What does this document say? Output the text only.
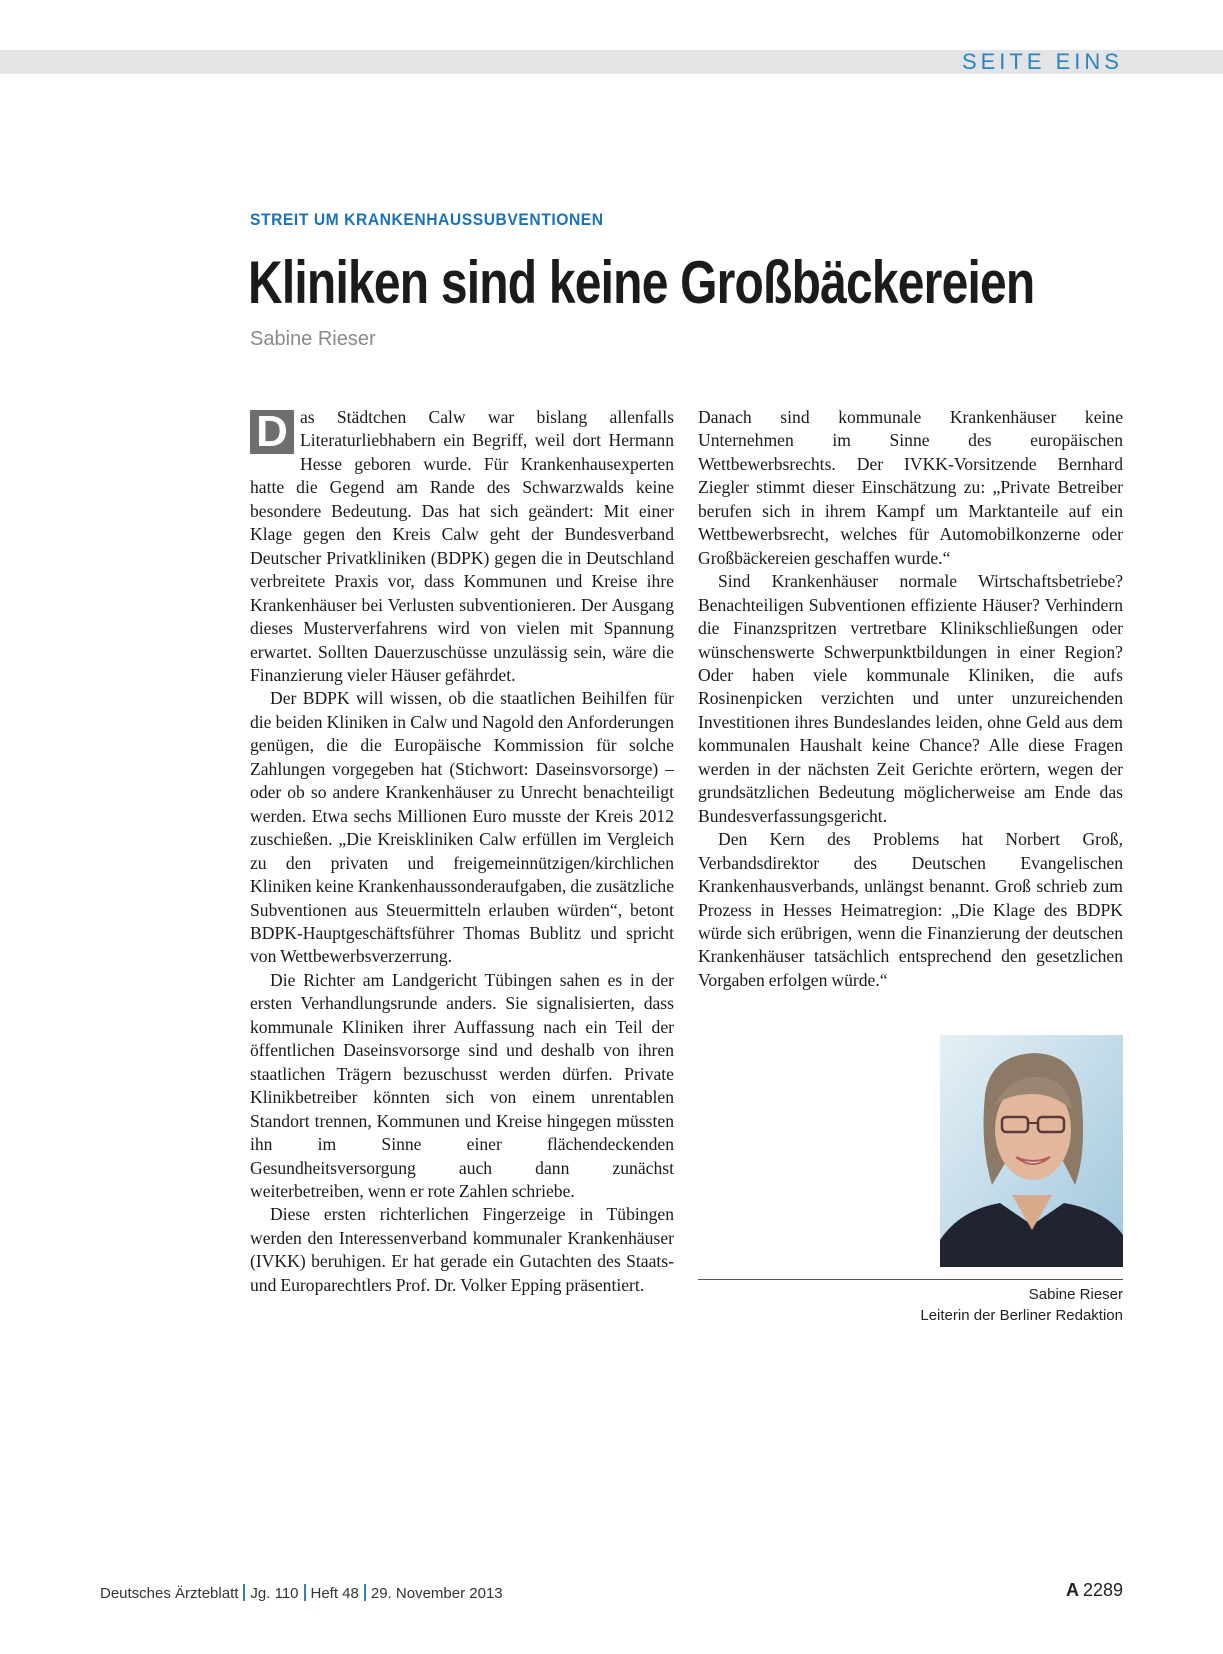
SEITE EINS
STREIT UM KRANKENHAUSSUBVENTIONEN
Kliniken sind keine Großbäckereien
Sabine Rieser

D as Städtchen Calw war bislang allenfalls Literaturliebhabern ein Begriff, weil dort Hermann Hesse geboren wurde. Für Krankenhausexperten hatte die Gegend am Rande des Schwarzwalds keine besondere Bedeutung. Das hat sich geändert: Mit einer Klage gegen den Kreis Calw geht der Bundesverband Deutscher Privatkliniken (BDPK) gegen die in Deutschland verbreitete Praxis vor, dass Kommunen und Kreise ihre Krankenhäuser bei Verlusten subventionieren. Der Ausgang dieses Musterverfahrens wird von vielen mit Spannung erwartet. Sollten Dauerzuschüsse unzulässig sein, wäre die Finanzierung vieler Häuser gefährdet.

Der BDPK will wissen, ob die staatlichen Beihilfen für die beiden Kliniken in Calw und Nagold den Anforderungen genügen, die die Europäische Kommission für solche Zahlungen vorgegeben hat (Stichwort: Daseinsvorsorge) – oder ob so andere Krankenhäuser zu Unrecht benachteiligt werden. Etwa sechs Millionen Euro musste der Kreis 2012 zuschießen. „Die Kreiskliniken Calw erfüllen im Vergleich zu den privaten und freigemeinnützigen/kirchlichen Kliniken keine Krankenhaussonderaufgaben, die zusätzliche Subventionen aus Steuermitteln erlauben würden“, betont BDPK-Hauptgeschäftsführer Thomas Bublitz und spricht von Wettbewerbsverzerrung.

Die Richter am Landgericht Tübingen sahen es in der ersten Verhandlungsrunde anders. Sie signalisierten, dass kommunale Kliniken ihrer Auffassung nach ein Teil der öffentlichen Daseinsvorsorge sind und deshalb von ihren staatlichen Trägern bezuschusst werden dürfen. Private Klinikbetreiber könnten sich von einem unrentablen Standort trennen, Kommunen und Kreise hingegen müssten ihn im Sinne einer flächendeckenden Gesundheitsversorgung auch dann zunächst weiterbetreiben, wenn er rote Zahlen schriebe.

Diese ersten richterlichen Fingerzeige in Tübingen werden den Interessenverband kommunaler Krankenhäuser (IVKK) beruhigen. Er hat gerade ein Gutachten des Staats- und Europarechtlers Prof. Dr. Volker Epping präsentiert.

Danach sind kommunale Krankenhäuser keine Unternehmen im Sinne des europäischen Wettbewerbsrechts. Der IVKK-Vorsitzende Bernhard Ziegler stimmt dieser Einschätzung zu: „Private Betreiber berufen sich in ihrem Kampf um Marktanteile auf ein Wettbewerbsrecht, welches für Automobilkonzerne oder Großbäckereien geschaffen wurde.“

Sind Krankenhäuser normale Wirtschaftsbetriebe? Benachteiligen Subventionen effiziente Häuser? Verhindern die Finanzspritzen vertretbare Klinikschließungen oder wünschenswerte Schwerpunktbildungen in einer Region? Oder haben viele kommunale Kliniken, die aufs Rosinenpicken verzichten und unter unzureichenden Investitionen ihres Bundeslandes leiden, ohne Geld aus dem kommunalen Haushalt keine Chance? Alle diese Fragen werden in der nächsten Zeit Gerichte erörtern, wegen der grundsätzlichen Bedeutung möglicherweise am Ende das Bundesverfassungsgericht.

Den Kern des Problems hat Norbert Groß, Verbandsdirektor des Deutschen Evangelischen Krankenhausverbands, unlängst benannt. Groß schrieb zum Prozess in Hesses Heimatregion: „Die Klage des BDPK würde sich erübrigen, wenn die Finanzierung der deutschen Krankenhäuser tatsächlich entsprechend den gesetzlichen Vorgaben erfolgen würde.“

Sabine Rieser
Leiterin der Berliner Redaktion
Deutsches Ärzteblatt Jg. 110 Heft 48 29. November 2013	A 2289
